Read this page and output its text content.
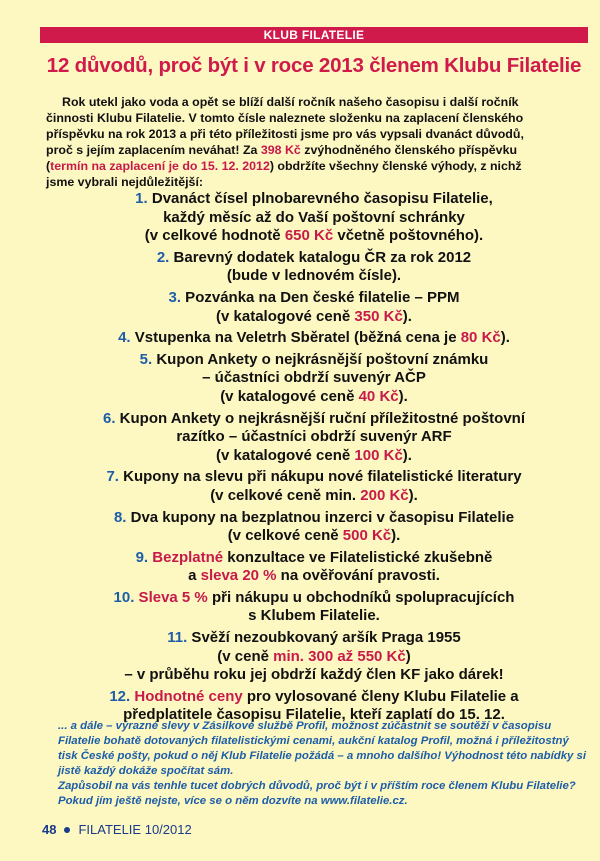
KLUB FILATELIE
12 důvodů, proč být i v roce 2013 členem Klubu Filatelie
Rok utekl jako voda a opět se blíží další ročník našeho časopisu i další ročník činnosti Klubu Filatelie. V tomto čísle naleznete složenku na zaplacení členského příspěvku na rok 2013 a při této příležitosti jsme pro vás vypsali dvanáct důvodů, proč s jejím zaplacením neváhat! Za 398 Kč zvýhodněného členského příspěvku (termín na zaplacení je do 15. 12. 2012) obdržíte všechny členské výhody, z nichž jsme vybrali nejdůležitější:
1. Dvanáct čísel plnobarevného časopisu Filatelie,
každý měsíc až do Vaší poštovní schránky
(v celkové hodnotě 650 Kč včetně poštovného).
2. Barevný dodatek katalogu ČR za rok 2012
(bude v lednovém čísle).
3. Pozvánka na Den české filatelie – PPM
(v katalogové ceně 350 Kč).
4. Vstupenka na Veletrh Sběratel (běžná cena je 80 Kč).
5. Kupon Ankety o nejkrásnější poštovní známku
– účastníci obdrží suvenýr AČP
(v katalogové ceně 40 Kč).
6. Kupon Ankety o nejkrásnější ruční příležitostné poštovní
razítko – účastníci obdrží suvenýr ARF
(v katalogové ceně 100 Kč).
7. Kupony na slevu při nákupu nové filatelistické literatury
(v celkové ceně min. 200 Kč).
8. Dva kupony na bezplatnou inzerci v časopisu Filatelie
(v celkové ceně 500 Kč).
9. Bezplatné konzultace ve Filatelistické zkušebně
a sleva 20 % na ověřování pravosti.
10. Sleva 5 % při nákupu u obchodníků spolupracujících
s Klubem Filatelie.
11. Svěží nezoubkovaný aršík Praga 1955
(v ceně min. 300 až 550 Kč)
– v průběhu roku jej obdrží každý člen KF jako dárek!
12. Hodnotné ceny pro vylosované členy Klubu Filatelie a
předplatitele časopisu Filatelie, kteří zaplatí do 15. 12.

... a dále – výrazné slevy v Zásilkové službě Profil, možnost zúčastnit se soutěží v časopisu Filatelie bohatě dotovaných filatelistickými cenami, aukční katalog Profil, možná i příležitostný tisk České pošty, pokud o něj Klub Filatelie požádá – a mnoho dalšího! Výhodnost této nabídky si jistě každý dokáže spočítat sám.

Zapůsobil na vás tenhle tucet dobrých důvodů, proč být i v příštím roce členem Klubu Filatelie? Pokud jím ještě nejste, více se o něm dozvíte na www.filatelie.cz.

48 FILATELIE 10/2012
